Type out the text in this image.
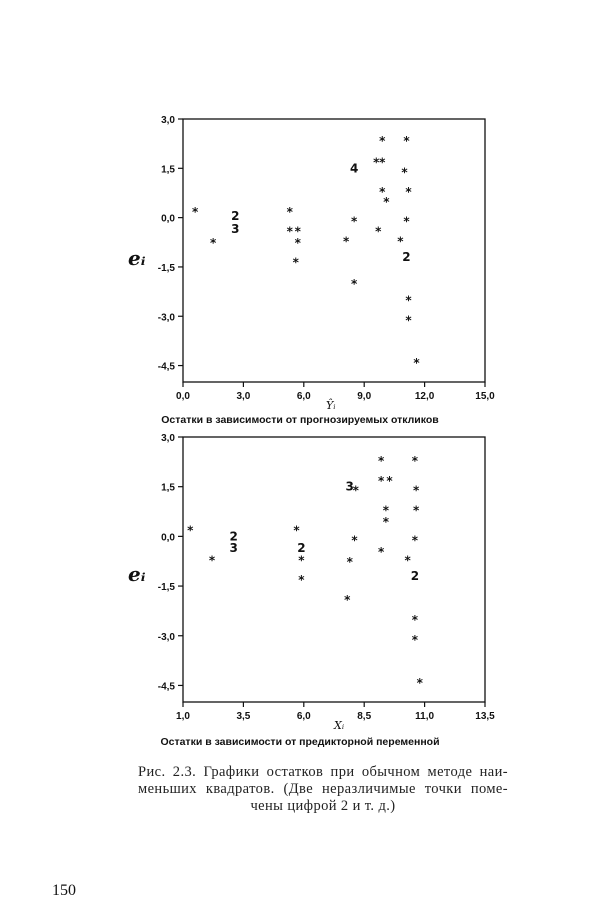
0,0	3,0	6,0	9,0	12,0	15,0
3,0
1,5
0,0
-1,5
-3,0
-4,5
*
*
2
3
*
* *
*
*
*
4
*
*
* *
*
*
*
*
*
*
*
*
*
2
*
*
*
eᵢ
Ŷᵢ
Остатки в зависимости от прогнозируемых откликов
1,0	3,5	6,0	8,5	11,0	13,5
3,0
1,5
0,0
-1,5
-3,0
-4,5
*
*
2
3
*
2
*
*
3
*
*
*
*
*
* *
*
*
*
*
*
*
*
*
2
*
*
*
eᵢ
Xᵢ
Остатки в зависимости от предикторной переменной

Рис. 2.3. Графики остатков при обычном методе наи-

меньших квадратов. (Две неразличимые точки поме-

чены цифрой 2 и т. д.)

150
